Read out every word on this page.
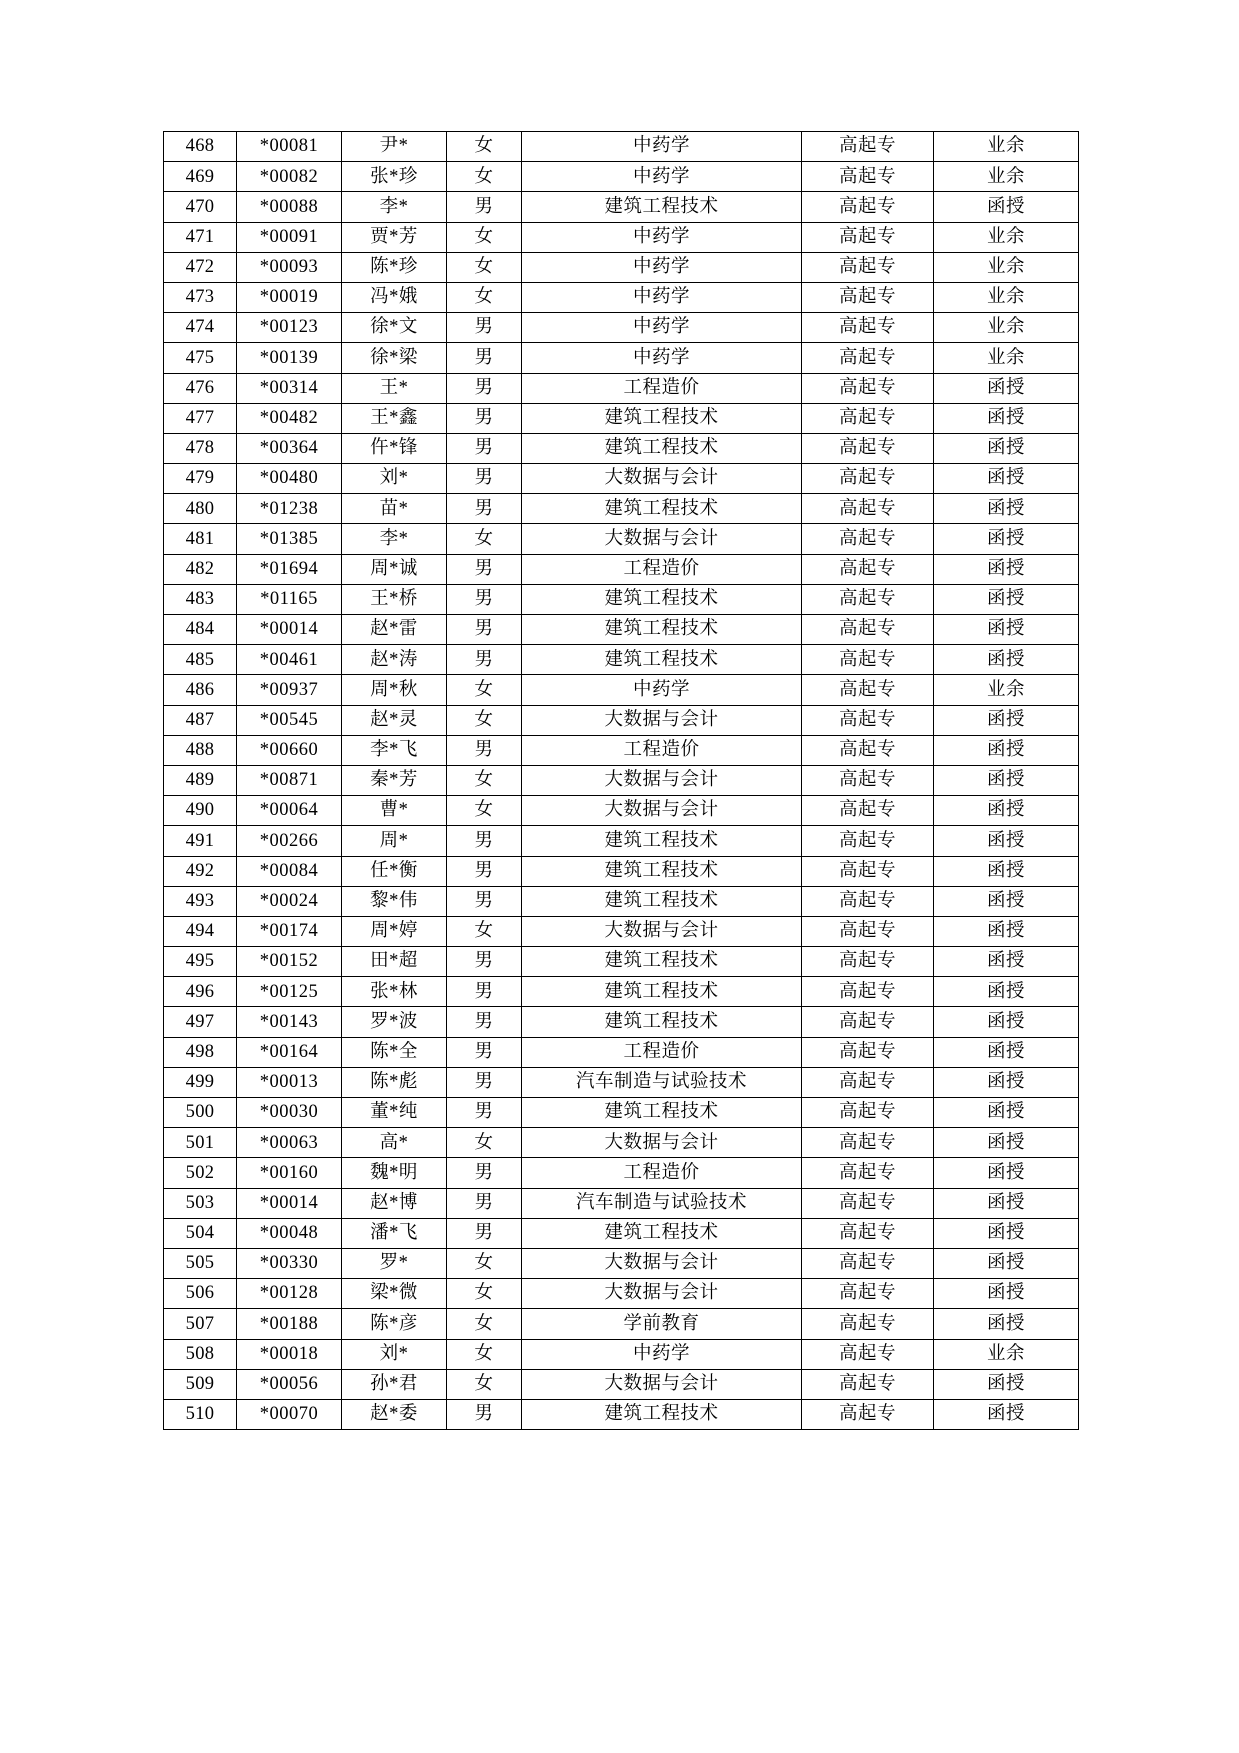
468	*00081	尹*	女	中药学	高起专	业余
469	*00082	张*珍	女	中药学	高起专	业余
470	*00088	李*	男	建筑工程技术	高起专	函授
471	*00091	贾*芳	女	中药学	高起专	业余
472	*00093	陈*珍	女	中药学	高起专	业余
473	*00019	冯*娥	女	中药学	高起专	业余
474	*00123	徐*文	男	中药学	高起专	业余
475	*00139	徐*梁	男	中药学	高起专	业余
476	*00314	王*	男	工程造价	高起专	函授
477	*00482	王*鑫	男	建筑工程技术	高起专	函授
478	*00364	仵*锋	男	建筑工程技术	高起专	函授
479	*00480	刘*	男	大数据与会计	高起专	函授
480	*01238	苗*	男	建筑工程技术	高起专	函授
481	*01385	李*	女	大数据与会计	高起专	函授
482	*01694	周*诚	男	工程造价	高起专	函授
483	*01165	王*桥	男	建筑工程技术	高起专	函授
484	*00014	赵*雷	男	建筑工程技术	高起专	函授
485	*00461	赵*涛	男	建筑工程技术	高起专	函授
486	*00937	周*秋	女	中药学	高起专	业余
487	*00545	赵*灵	女	大数据与会计	高起专	函授
488	*00660	李*飞	男	工程造价	高起专	函授
489	*00871	秦*芳	女	大数据与会计	高起专	函授
490	*00064	曹*	女	大数据与会计	高起专	函授
491	*00266	周*	男	建筑工程技术	高起专	函授
492	*00084	任*衡	男	建筑工程技术	高起专	函授
493	*00024	黎*伟	男	建筑工程技术	高起专	函授
494	*00174	周*婷	女	大数据与会计	高起专	函授
495	*00152	田*超	男	建筑工程技术	高起专	函授
496	*00125	张*林	男	建筑工程技术	高起专	函授
497	*00143	罗*波	男	建筑工程技术	高起专	函授
498	*00164	陈*全	男	工程造价	高起专	函授
499	*00013	陈*彪	男	汽车制造与试验技术	高起专	函授
500	*00030	董*纯	男	建筑工程技术	高起专	函授
501	*00063	高*	女	大数据与会计	高起专	函授
502	*00160	魏*明	男	工程造价	高起专	函授
503	*00014	赵*博	男	汽车制造与试验技术	高起专	函授
504	*00048	潘*飞	男	建筑工程技术	高起专	函授
505	*00330	罗*	女	大数据与会计	高起专	函授
506	*00128	梁*微	女	大数据与会计	高起专	函授
507	*00188	陈*彦	女	学前教育	高起专	函授
508	*00018	刘*	女	中药学	高起专	业余
509	*00056	孙*君	女	大数据与会计	高起专	函授
510	*00070	赵*委	男	建筑工程技术	高起专	函授
